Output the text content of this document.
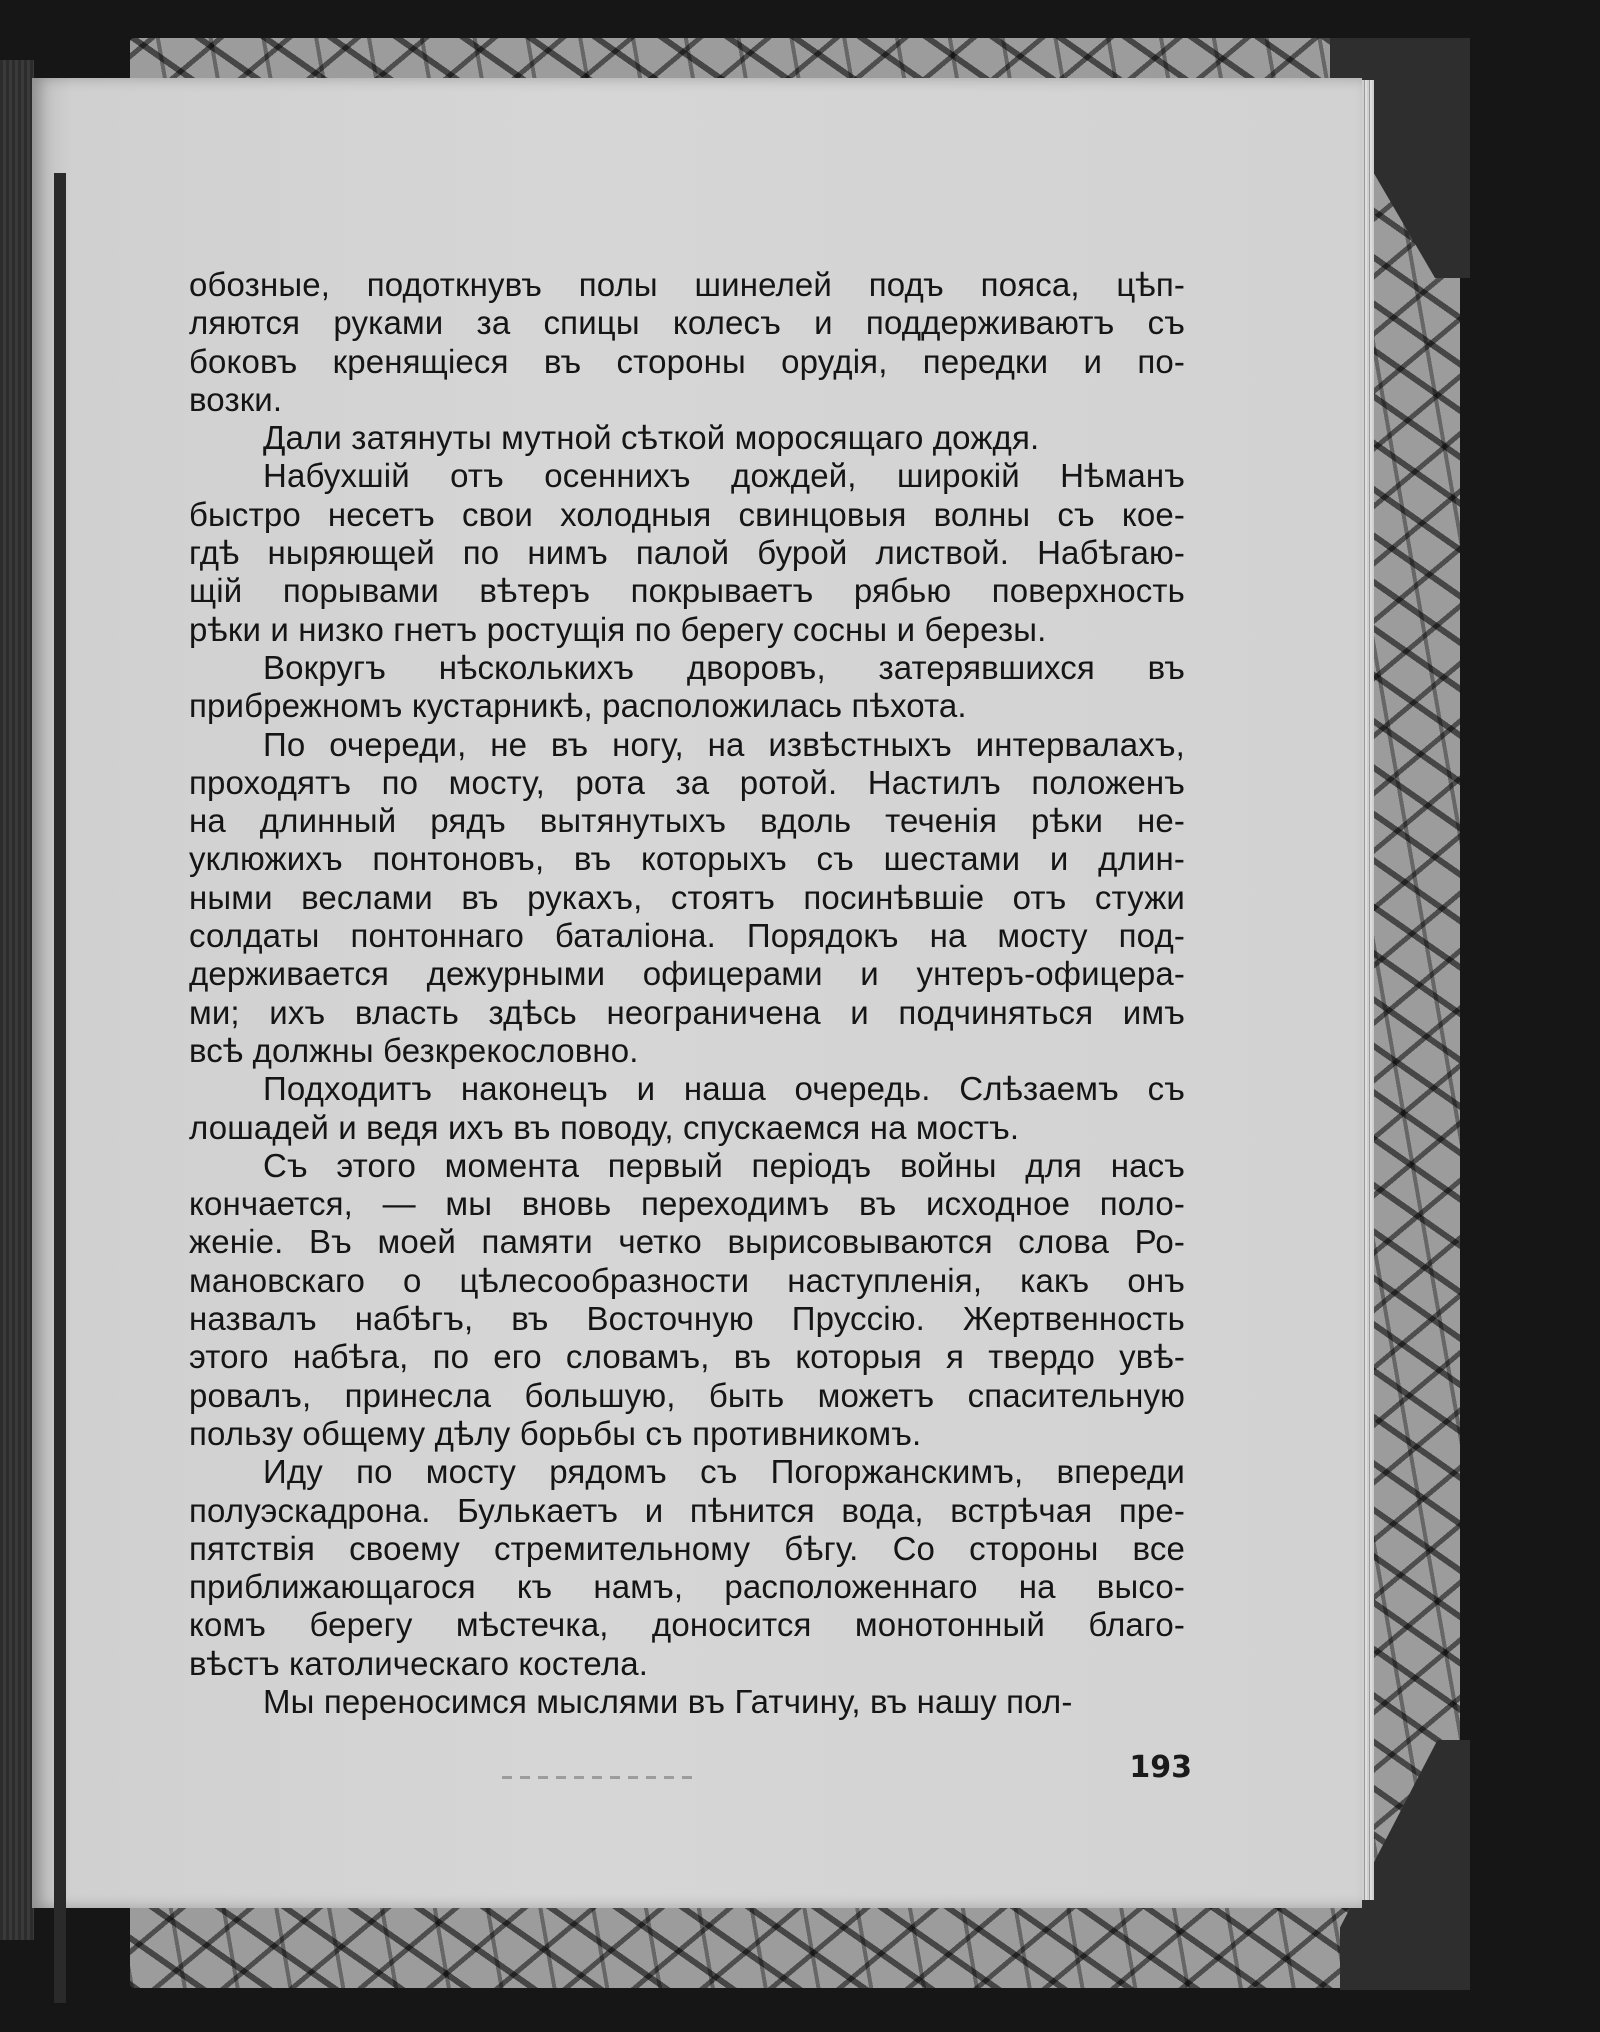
обозные, подоткнувъ полы шинелей подъ пояса, цѣп-
ляются руками за спицы колесъ и поддерживаютъ съ
боковъ кренящіеся въ стороны орудія, передки и по-
возки.
Дали затянуты мутной сѣткой моросящаго дождя.
Набухшій отъ осеннихъ дождей, широкій Нѣманъ
быстро несетъ свои холодныя свинцовыя волны съ кое-
гдѣ ныряющей по нимъ палой бурой листвой. Набѣгаю-
щій порывами вѣтеръ покрываетъ рябью поверхность
рѣки и низко гнетъ ростущія по берегу сосны и березы.
Вокругъ нѣсколькихъ дворовъ, затерявшихся въ
прибрежномъ кустарникѣ, расположилась пѣхота.
По очереди, не въ ногу, на извѣстныхъ интервалахъ,
проходятъ по мосту, рота за ротой. Настилъ положенъ
на длинный рядъ вытянутыхъ вдоль теченія рѣки не-
уклюжихъ понтоновъ, въ которыхъ съ шестами и длин-
ными веслами въ рукахъ, стоятъ посинѣвшіе отъ стужи
солдаты понтоннаго баталіона. Порядокъ на мосту под-
держивается дежурными офицерами и унтеръ-офицера-
ми; ихъ власть здѣсь неограничена и подчиняться имъ
всѣ должны безкрекословно.
Подходитъ наконецъ и наша очередь. Слѣзаемъ съ
лошадей и ведя ихъ въ поводу, спускаемся на мостъ.
Съ этого момента первый періодъ войны для насъ
кончается, — мы вновь переходимъ въ исходное поло-
женіе. Въ моей памяти четко вырисовываются слова Ро-
мановскаго о цѣлесообразности наступленія, какъ онъ
назвалъ набѣгъ, въ Восточную Пруссію. Жертвенность
этого набѣга, по его словамъ, въ которыя я твердо увѣ-
ровалъ, принесла большую, быть можетъ спасительную
пользу общему дѣлу борьбы съ противникомъ.
Иду по мосту рядомъ съ Погоржанскимъ, впереди
полуэскадрона. Булькаетъ и пѣнится вода, встрѣчая пре-
пятствія своему стремительному бѣгу. Со стороны все
приближающагося къ намъ, расположеннаго на высо-
комъ берегу мѣстечка, доносится монотонный благо-
вѣстъ католическаго костела.
Мы переносимся мыслями въ Гатчину, въ нашу пол-
193
